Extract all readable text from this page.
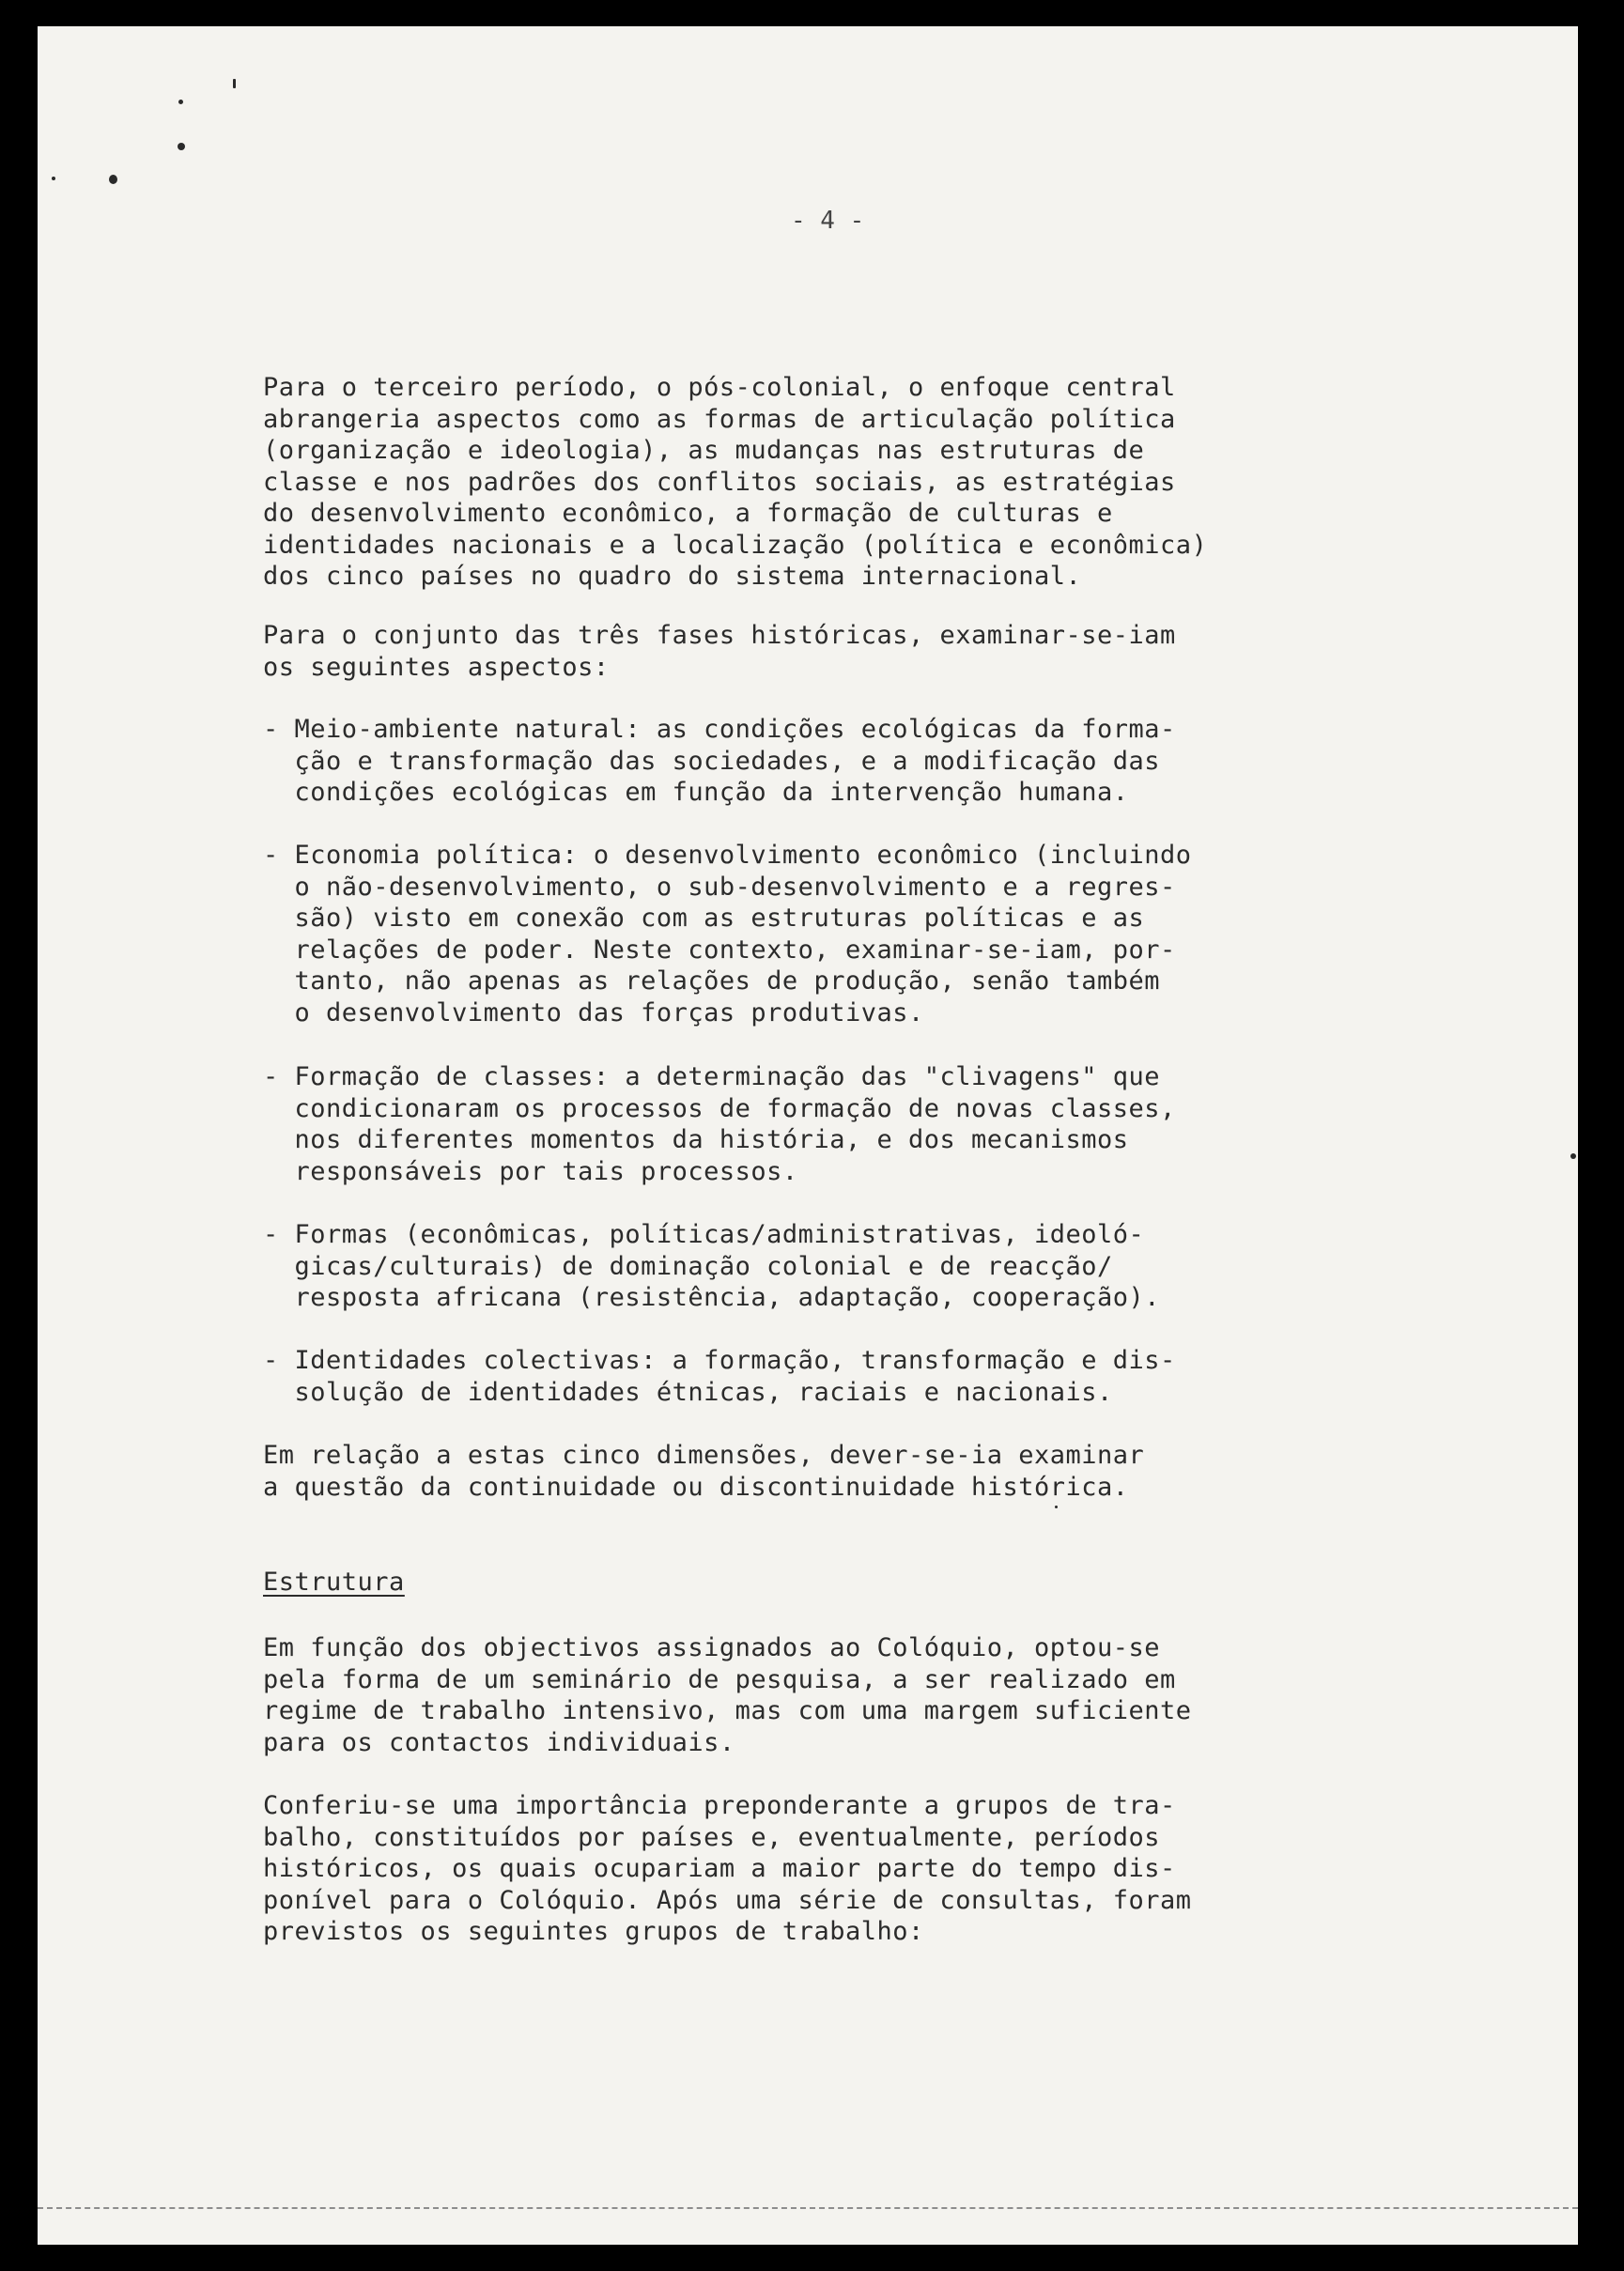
- 4 -
Para o terceiro período, o pós-colonial, o enfoque central
abrangeria aspectos como as formas de articulação política
(organização e ideologia), as mudanças nas estruturas de
classe e nos padrões dos conflitos sociais, as estratégias
do desenvolvimento econômico, a formação de culturas e
identidades nacionais e a localização (política e econômica)
dos cinco países no quadro do sistema internacional.
Para o conjunto das três fases históricas, examinar-se-iam
os seguintes aspectos:
- Meio-ambiente natural: as condições ecológicas da forma-
ção e transformação das sociedades, e a modificação das
condições ecológicas em função da intervenção humana.
- Economia política: o desenvolvimento econômico (incluindo
o não-desenvolvimento, o sub-desenvolvimento e a regres-
são) visto em conexão com as estruturas políticas e as
relações de poder. Neste contexto, examinar-se-iam, por-
tanto, não apenas as relações de produção, senão também
o desenvolvimento das forças produtivas.
- Formação de classes: a determinação das "clivagens" que
condicionaram os processos de formação de novas classes,
nos diferentes momentos da história, e dos mecanismos
responsáveis por tais processos.
- Formas (econômicas, políticas/administrativas, ideoló-
gicas/culturais) de dominação colonial e de reacção/
resposta africana (resistência, adaptação, cooperação).
- Identidades colectivas: a formação, transformação e dis-
solução de identidades étnicas, raciais e nacionais.
Em relação a estas cinco dimensões, dever-se-ia examinar
a questão da continuidade ou discontinuidade histórica.
Estrutura
Em função dos objectivos assignados ao Colóquio, optou-se
pela forma de um seminário de pesquisa, a ser realizado em
regime de trabalho intensivo, mas com uma margem suficiente
para os contactos individuais.
Conferiu-se uma importância preponderante a grupos de tra-
balho, constituídos por países e, eventualmente, períodos
históricos, os quais ocupariam a maior parte do tempo dis-
ponível para o Colóquio. Após uma série de consultas, foram
previstos os seguintes grupos de trabalho:
